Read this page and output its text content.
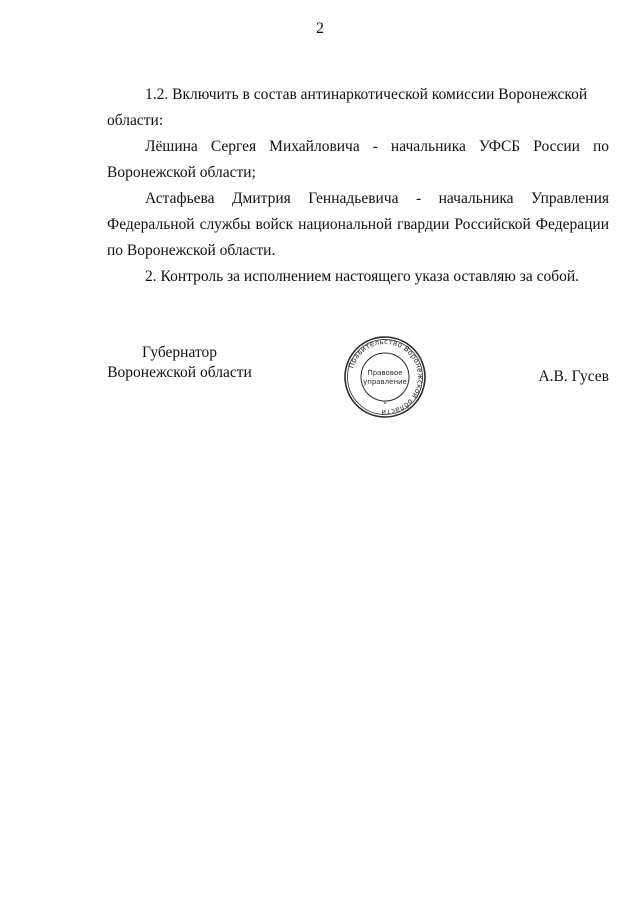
2

1.2. Включить в состав антинаркотической комиссии Воронежской

области:

Лёшина Сергея Михайловича - начальника УФСБ России по Воронежской области;

Астафьева Дмитрия Геннадьевича - начальника Управления Федеральной службы войск национальной гвардии Российской Федерации по Воронежской области.

2. Контроль за исполнением настоящего указа оставляю за собой.

Губернатор
Воронежской области	Правительство Воронежской области
Правовое
управление
*
А.В. Гусев
